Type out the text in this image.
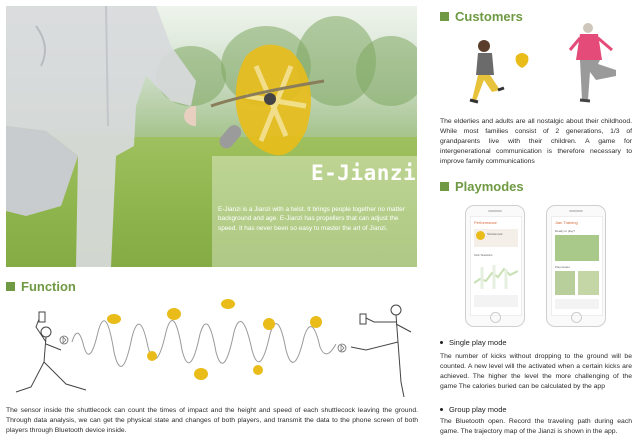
E-Jianzi
E-Jianzi is a Jianzi with a twist. It brings people together no matter background and age. E-Jianzi has propellers that can adjust the speed. It has never been so easy to master the art of Jianzi.
Customers
The elderlies and adults are all nostalgic about their childhood. While most families consist of 2 generations, 1/3 of grandparents live with their children. A game for intergenerational communication is therefore necessary to improve family communications
Playmodes
Performance
Shuttlecock
Kick Statistics
Jian Training
Ready to play?
Playmodes
Single play mode
The number of kicks without dropping to the ground will be counted. A new level will the activated when a certain kicks are achieved. The higher the level the more challenging of the game The calories buried can be calculated by the app
Group play mode
The Bluetooth open. Record the traveling path during each game. The trajectory map of the Jianzi is shown in the app.
Function
The sensor inside the shuttlecock can count the times of impact and the height and speed of each shuttlecock leaving the ground. Through data analysis, we can get the physical state and changes of both players, and transmit the data to the phone screen of both players through Bluetooth device inside.
